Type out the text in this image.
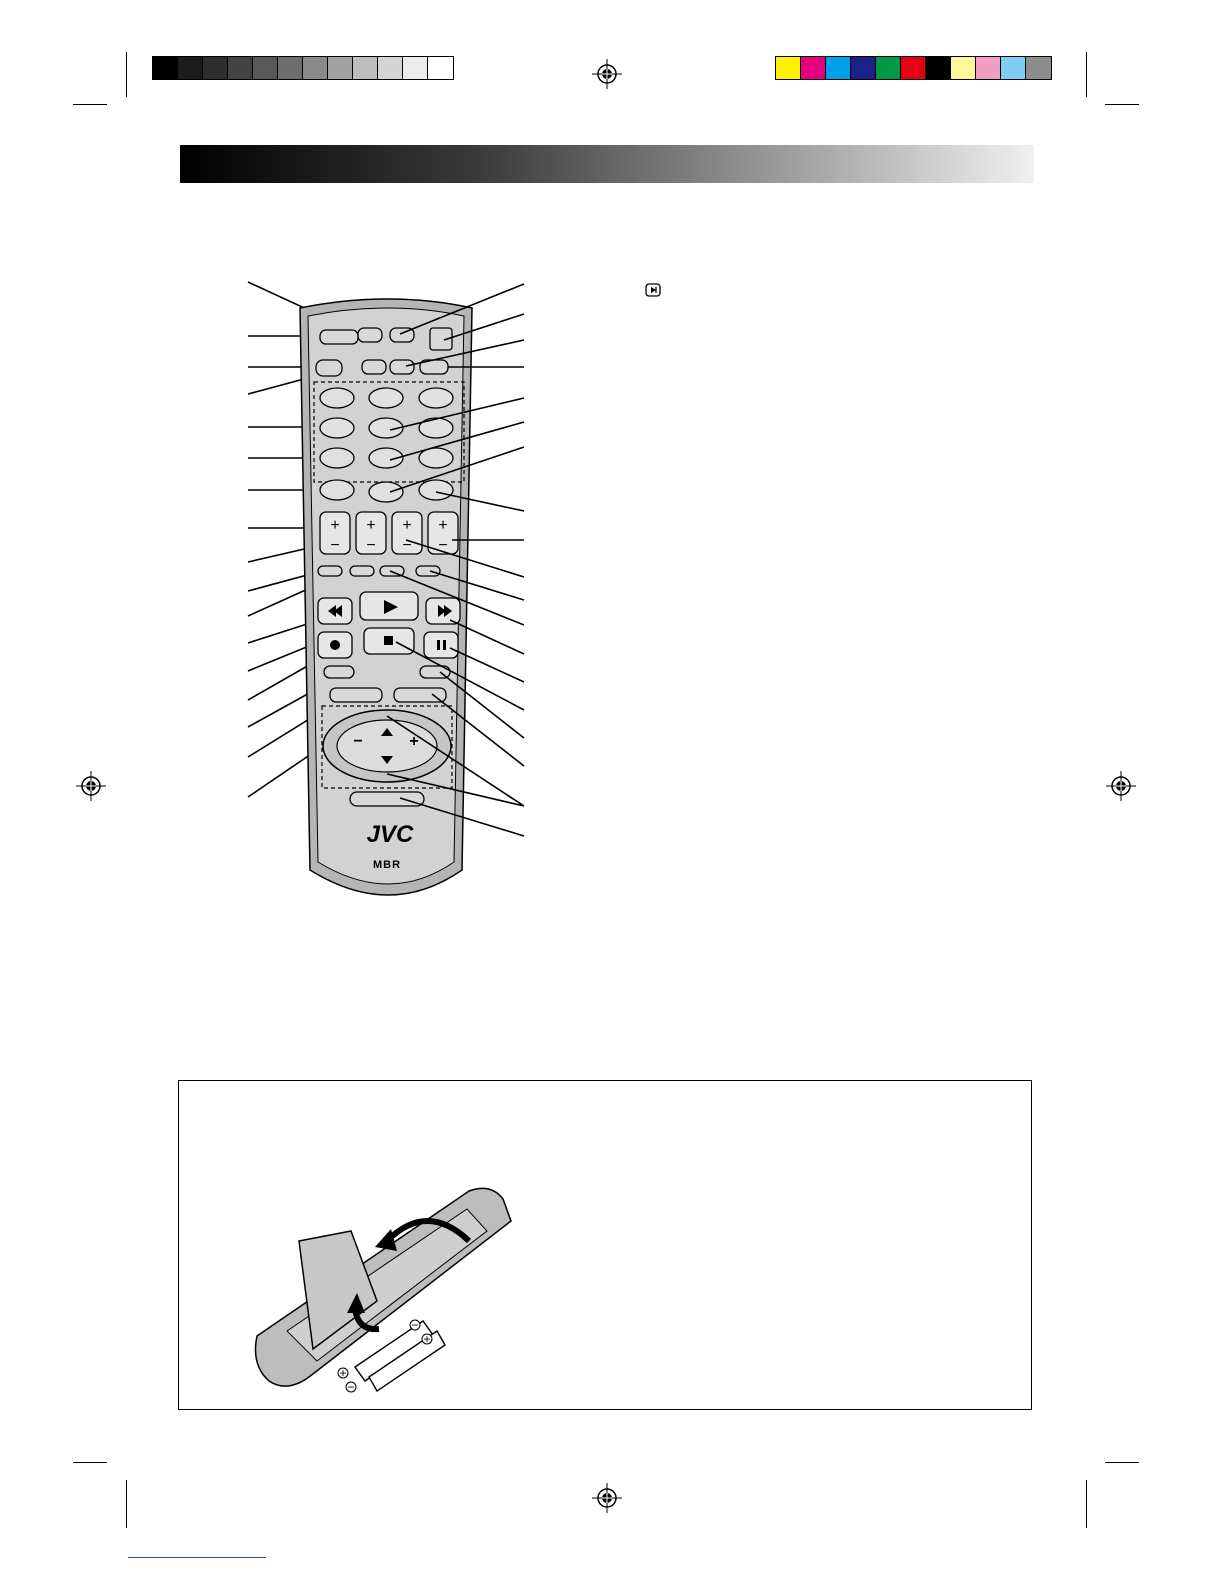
+
−
+
−
+
−
+
−
−	+
JVC
MBR
+
−
−
+
